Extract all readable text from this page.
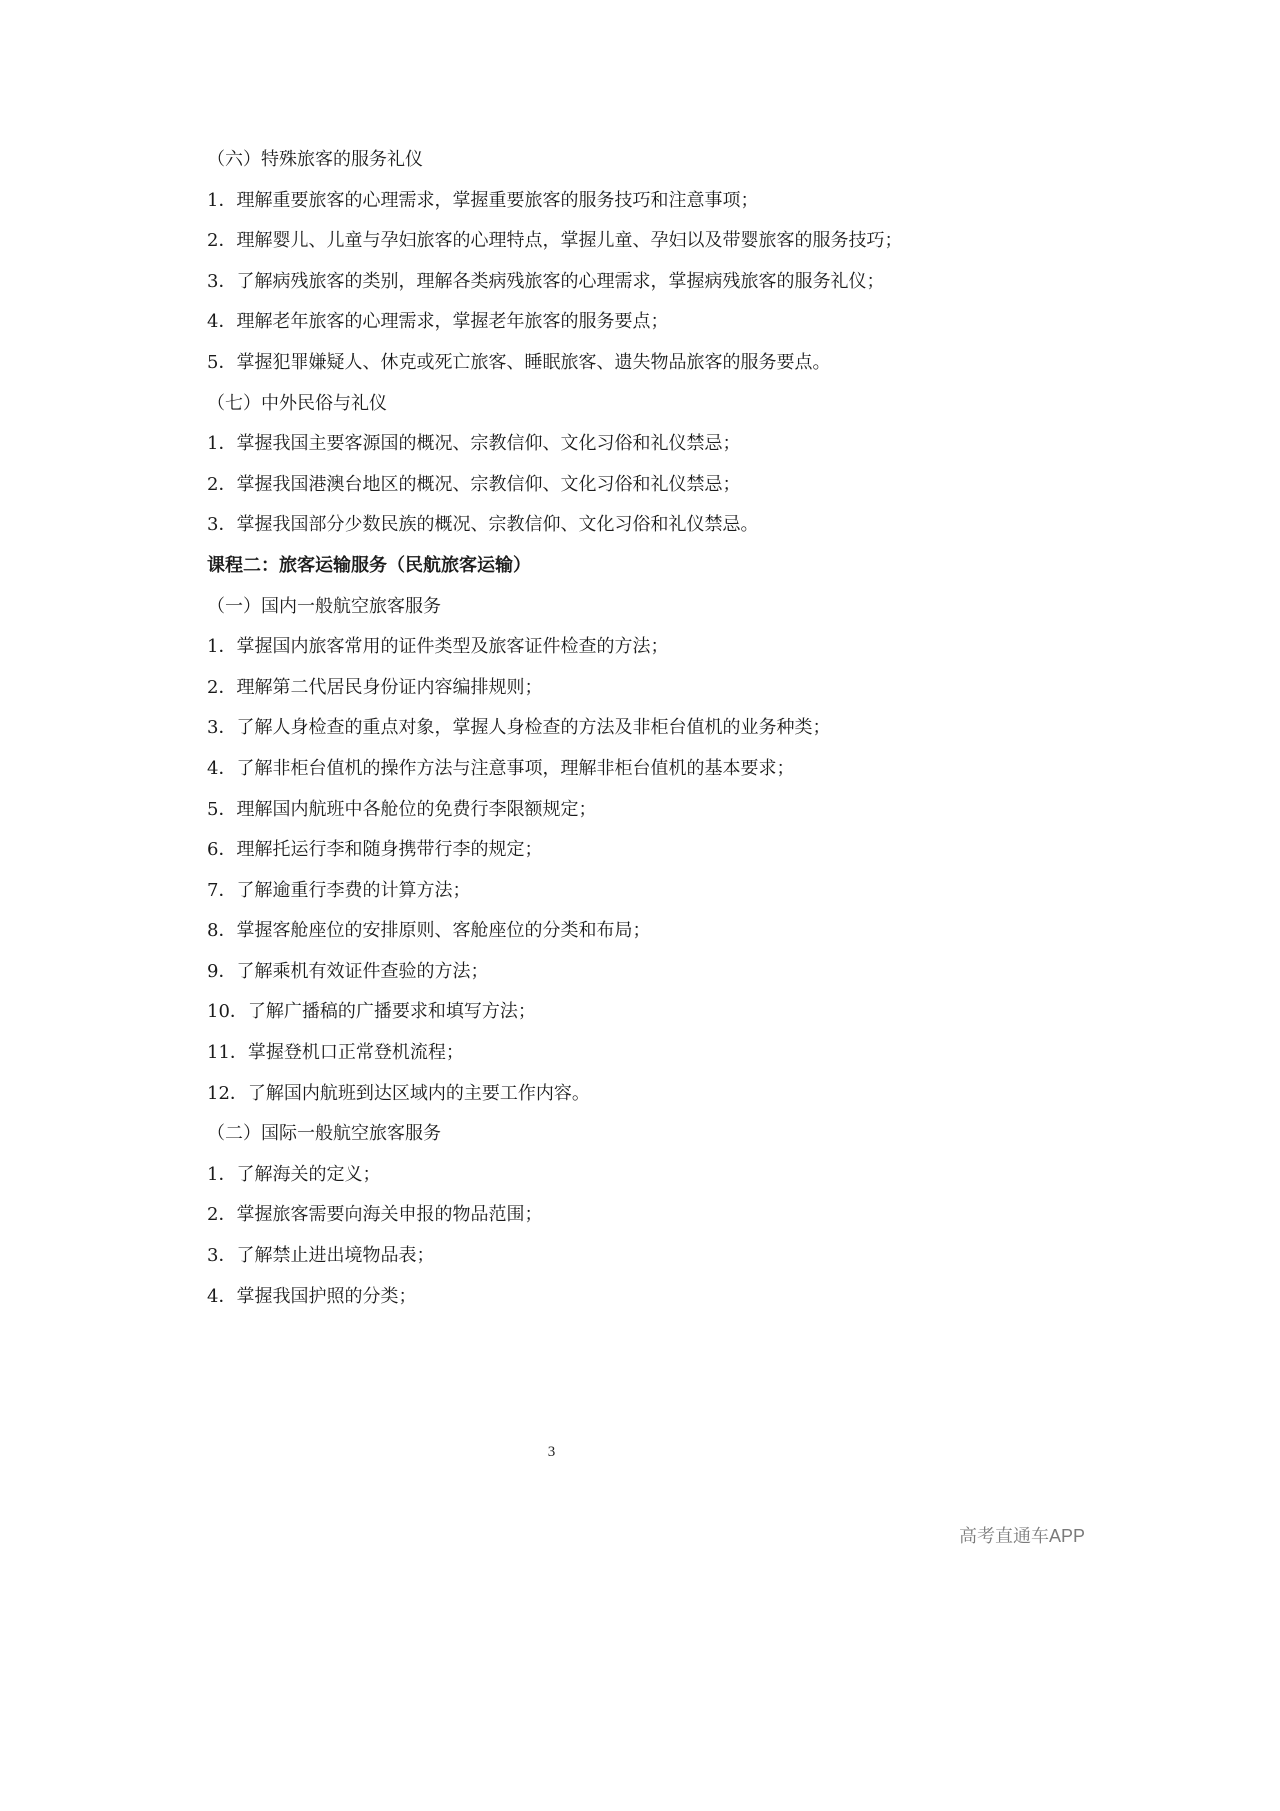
（六）特殊旅客的服务礼仪

1．理解重要旅客的心理需求，掌握重要旅客的服务技巧和注意事项；

2．理解婴儿、儿童与孕妇旅客的心理特点，掌握儿童、孕妇以及带婴旅客的服务技巧；

3．了解病残旅客的类别，理解各类病残旅客的心理需求，掌握病残旅客的服务礼仪；

4．理解老年旅客的心理需求，掌握老年旅客的服务要点；

5．掌握犯罪嫌疑人、休克或死亡旅客、睡眠旅客、遗失物品旅客的服务要点。

（七）中外民俗与礼仪

1．掌握我国主要客源国的概况、宗教信仰、文化习俗和礼仪禁忌；

2．掌握我国港澳台地区的概况、宗教信仰、文化习俗和礼仪禁忌；

3．掌握我国部分少数民族的概况、宗教信仰、文化习俗和礼仪禁忌。

课程二：旅客运输服务（民航旅客运输）

（一）国内一般航空旅客服务

1．掌握国内旅客常用的证件类型及旅客证件检查的方法；

2．理解第二代居民身份证内容编排规则；

3．了解人身检查的重点对象，掌握人身检查的方法及非柜台值机的业务种类；

4．了解非柜台值机的操作方法与注意事项，理解非柜台值机的基本要求；

5．理解国内航班中各舱位的免费行李限额规定；

6．理解托运行李和随身携带行李的规定；

7．了解逾重行李费的计算方法；

8．掌握客舱座位的安排原则、客舱座位的分类和布局；

9．了解乘机有效证件查验的方法；

10．了解广播稿的广播要求和填写方法；

11．掌握登机口正常登机流程；

12．了解国内航班到达区域内的主要工作内容。

（二）国际一般航空旅客服务

1．了解海关的定义；

2．掌握旅客需要向海关申报的物品范围；

3．了解禁止进出境物品表；

4．掌握我国护照的分类；

3
高考直通车APP
